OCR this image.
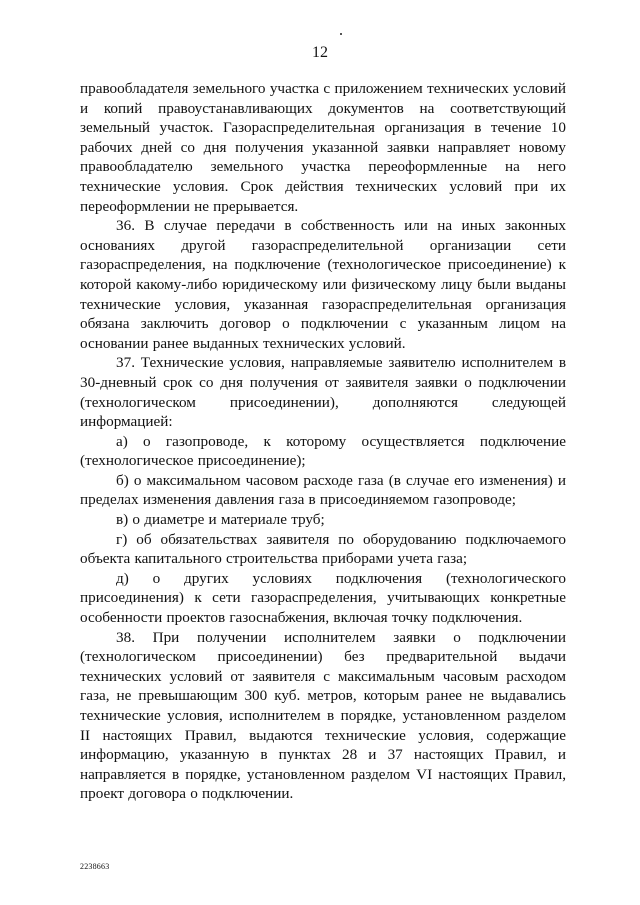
12

правообладателя земельного участка с приложением технических условий и копий правоустанавливающих документов на соответствующий земельный участок. Газораспределительная организация в течение 10 рабочих дней со дня получения указанной заявки направляет новому правообладателю земельного участка переоформленные на него технические условия. Срок действия технических условий при их переоформлении не прерывается.

36. В случае передачи в собственность или на иных законных основаниях другой газораспределительной организации сети газораспределения, на подключение (технологическое присоединение) к которой какому-либо юридическому или физическому лицу были выданы технические условия, указанная газораспределительная организация обязана заключить договор о подключении с указанным лицом на основании ранее выданных технических условий.

37. Технические условия, направляемые заявителю исполнителем в 30-дневный срок со дня получения от заявителя заявки о подключении (технологическом присоединении), дополняются следующей информацией:

а) о газопроводе, к которому осуществляется подключение (технологическое присоединение);

б) о максимальном часовом расходе газа (в случае его изменения) и пределах изменения давления газа в присоединяемом газопроводе;

в) о диаметре и материале труб;

г) об обязательствах заявителя по оборудованию подключаемого объекта капитального строительства приборами учета газа;

д) о других условиях подключения (технологического присоединения) к сети газораспределения, учитывающих конкретные особенности проектов газоснабжения, включая точку подключения.

38. При получении исполнителем заявки о подключении (технологическом присоединении) без предварительной выдачи технических условий от заявителя с максимальным часовым расходом газа, не превышающим 300 куб. метров, которым ранее не выдавались технические условия, исполнителем в порядке, установленном разделом II настоящих Правил, выдаются технические условия, содержащие информацию, указанную в пунктах 28 и 37 настоящих Правил, и направляется в порядке, установленном разделом VI настоящих Правил, проект договора о подключении.

2238663
